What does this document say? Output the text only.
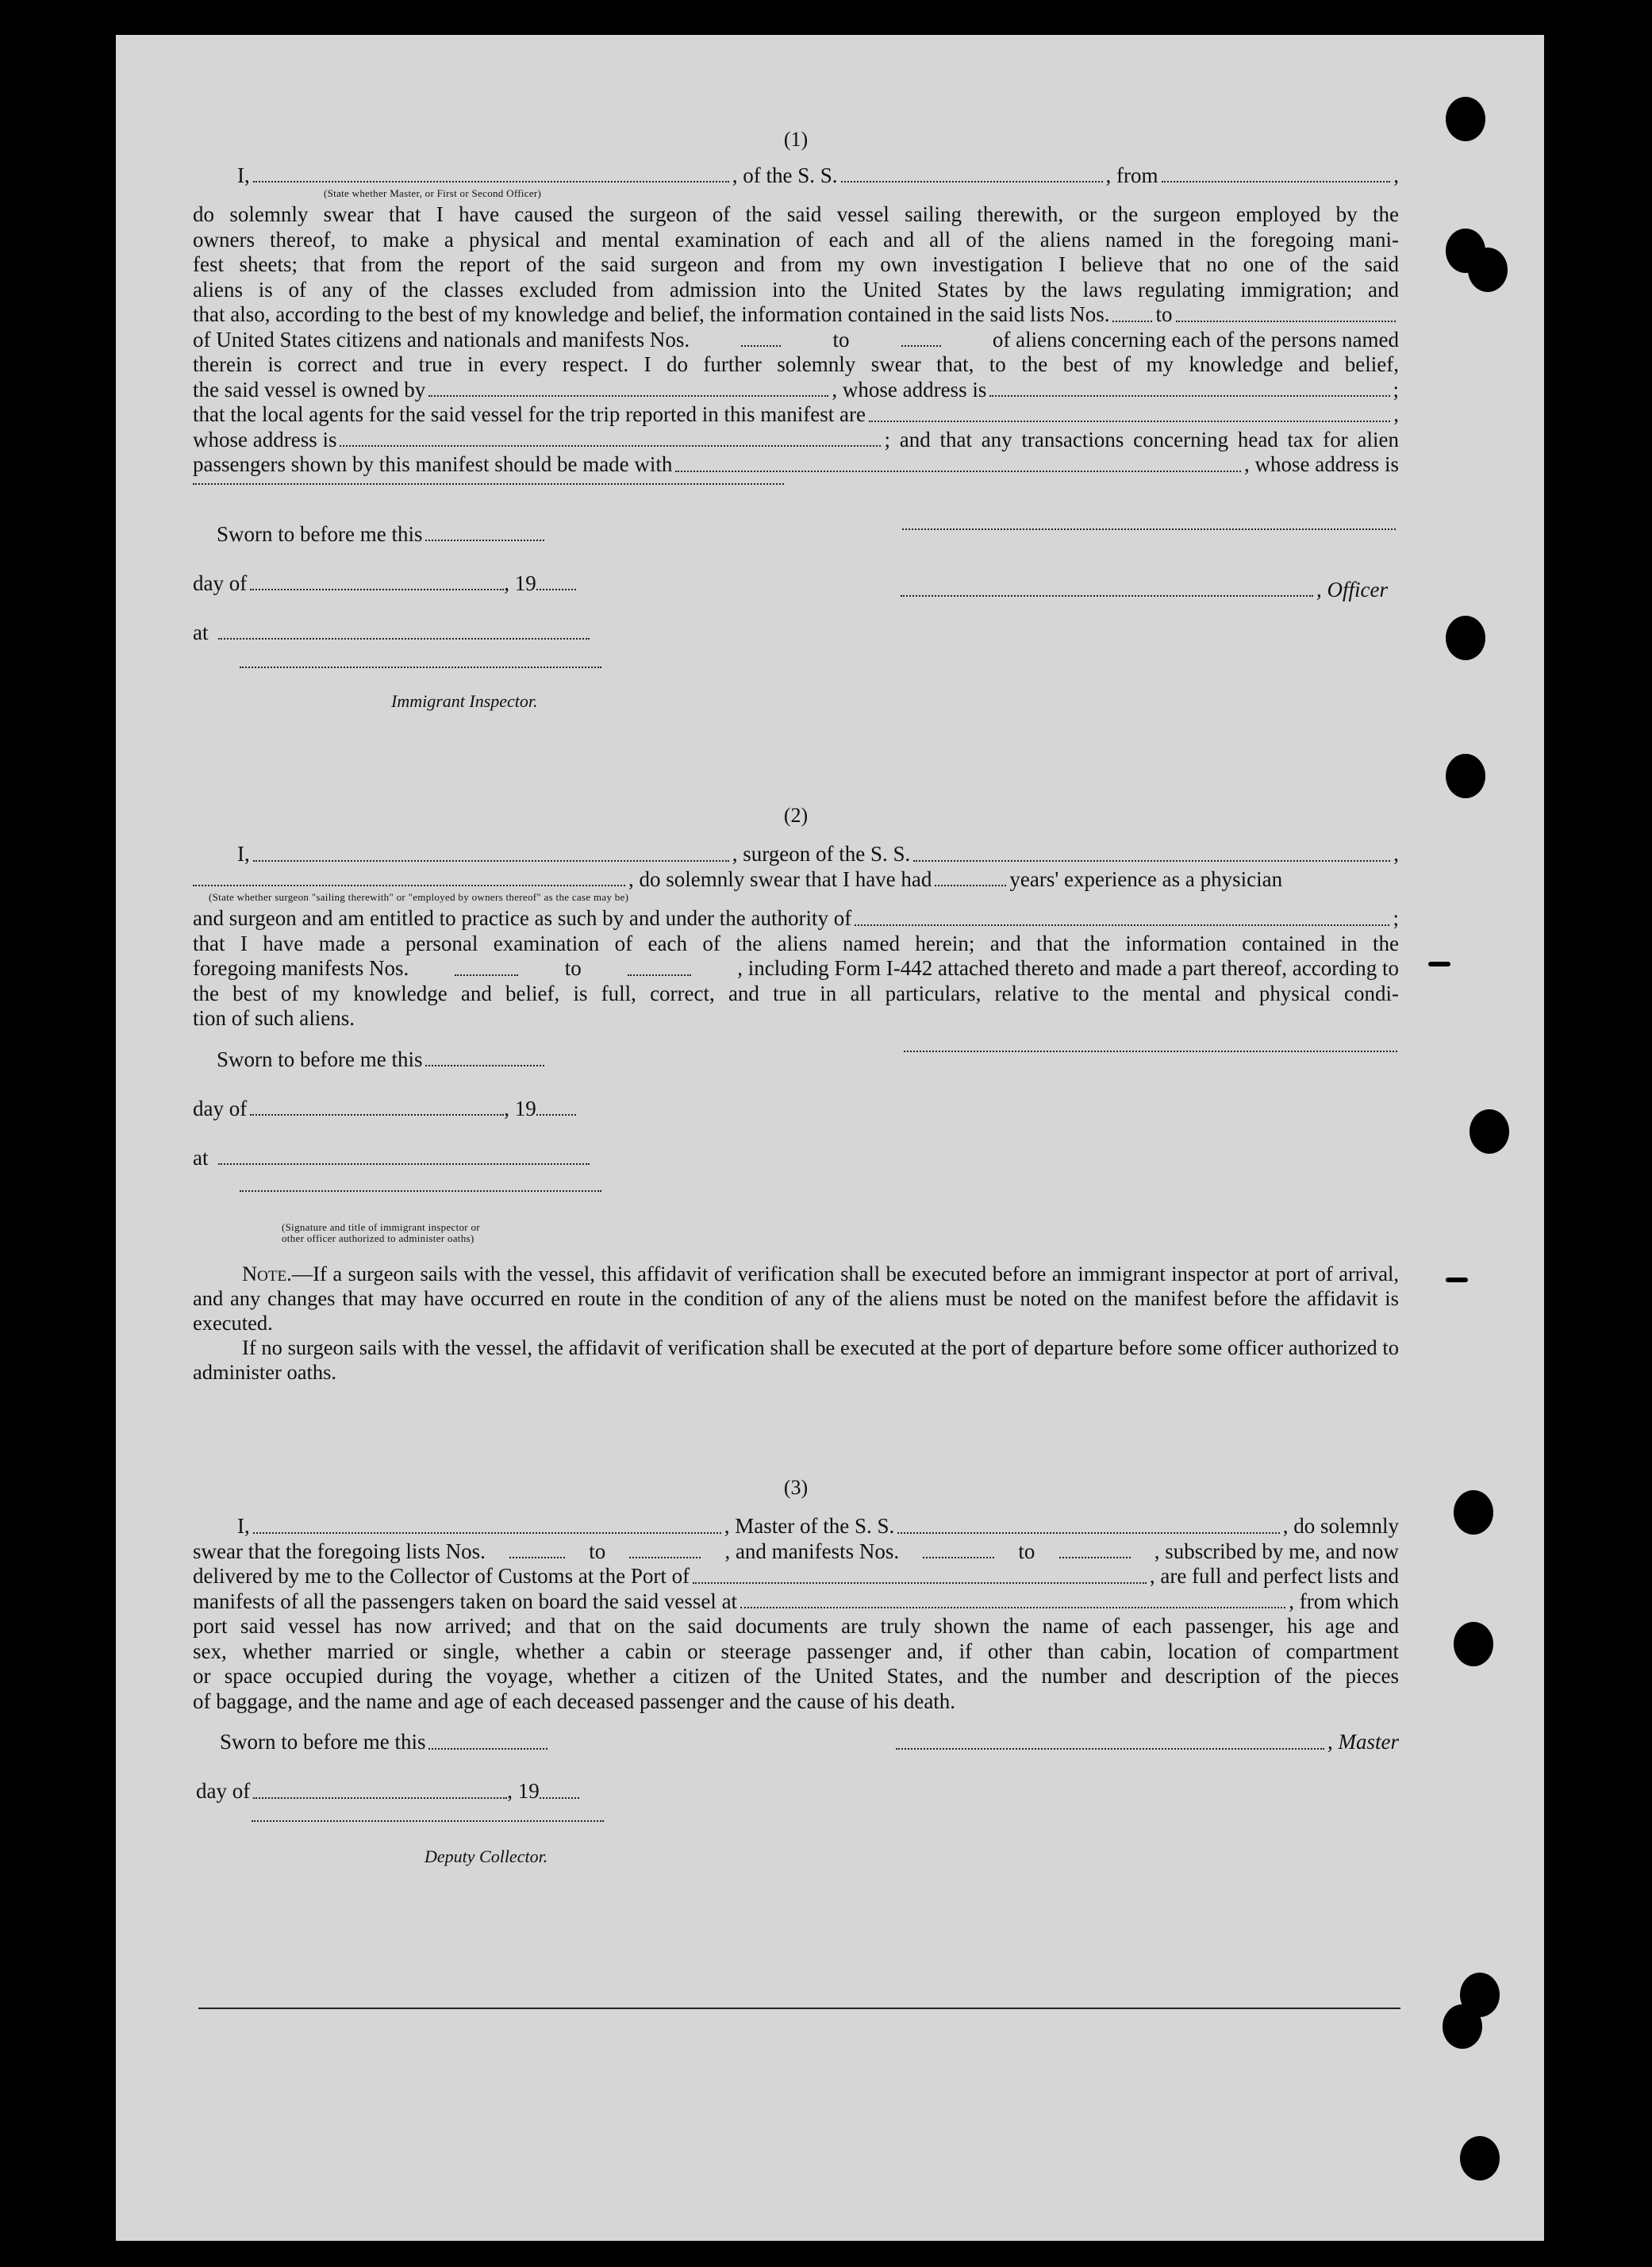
(1)
I,	, of the S. S.	, from	,
(State whether Master, or First or Second Officer)
do solemnly swear that I have caused the surgeon of the said vessel sailing therewith, or the surgeon employed by the
owners thereof, to make a physical and mental examination of each and all of the aliens named in the foregoing mani-
fest sheets; that from the report of the said surgeon and from my own investigation I believe that no one of the said
aliens is of any of the classes excluded from admission into the United States by the laws regulating immigration; and
that also, according to the best of my knowledge and belief, the information contained in the said lists Nos. to
of United States citizens and nationals and manifests Nos.	to	of aliens concerning each of the persons named
therein is correct and true in every respect. I do further solemnly swear that, to the best of my knowledge and belief,
the said vessel is owned by	, whose address is	;
that the local agents for the said vessel for the trip reported in this manifest are	,
whose address is	; and that any transactions concerning head tax for alien
passengers shown by this manifest should be made with	, whose address is
Sworn to before me this
day of	, 19
at
Immigrant Inspector.
, Officer
(2)
I,	, surgeon of the S. S.	,
, do solemnly swear that I have had	years' experience as a physician
(State whether surgeon "sailing therewith" or "employed by owners thereof" as the case may be)
and surgeon and am entitled to practice as such by and under the authority of	;
that I have made a personal examination of each of the aliens named herein; and that the information contained in the
foregoing manifests Nos.	to	, including Form I-442 attached thereto and made a part thereof, according to
the best of my knowledge and belief, is full, correct, and true in all particulars, relative to the mental and physical condi-
tion of such aliens.
Sworn to before me this
day of	, 19
at
(Signature and title of immigrant inspector or
other officer authorized to administer oaths)
Note.—If a surgeon sails with the vessel, this affidavit of verification shall be executed before an immigrant inspector at port of arrival, and any changes that may have occurred en route in the condition of any of the aliens must be noted on the manifest before the affidavit is executed.
If no surgeon sails with the vessel, the affidavit of verification shall be executed at the port of departure before some officer authorized to administer oaths.
(3)
I,	, Master of the S. S.	, do solemnly
swear that the foregoing lists Nos.	to	, and manifests Nos.	to	, subscribed by me, and now
delivered by me to the Collector of Customs at the Port of	, are full and perfect lists and
manifests of all the passengers taken on board the said vessel at	, from which
port said vessel has now arrived; and that on the said documents are truly shown the name of each passenger, his age and
sex, whether married or single, whether a cabin or steerage passenger and, if other than cabin, location of compartment
or space occupied during the voyage, whether a citizen of the United States, and the number and description of the pieces
of baggage, and the name and age of each deceased passenger and the cause of his death.
Sworn to before me this	, Master
day of	, 19
Deputy Collector.
